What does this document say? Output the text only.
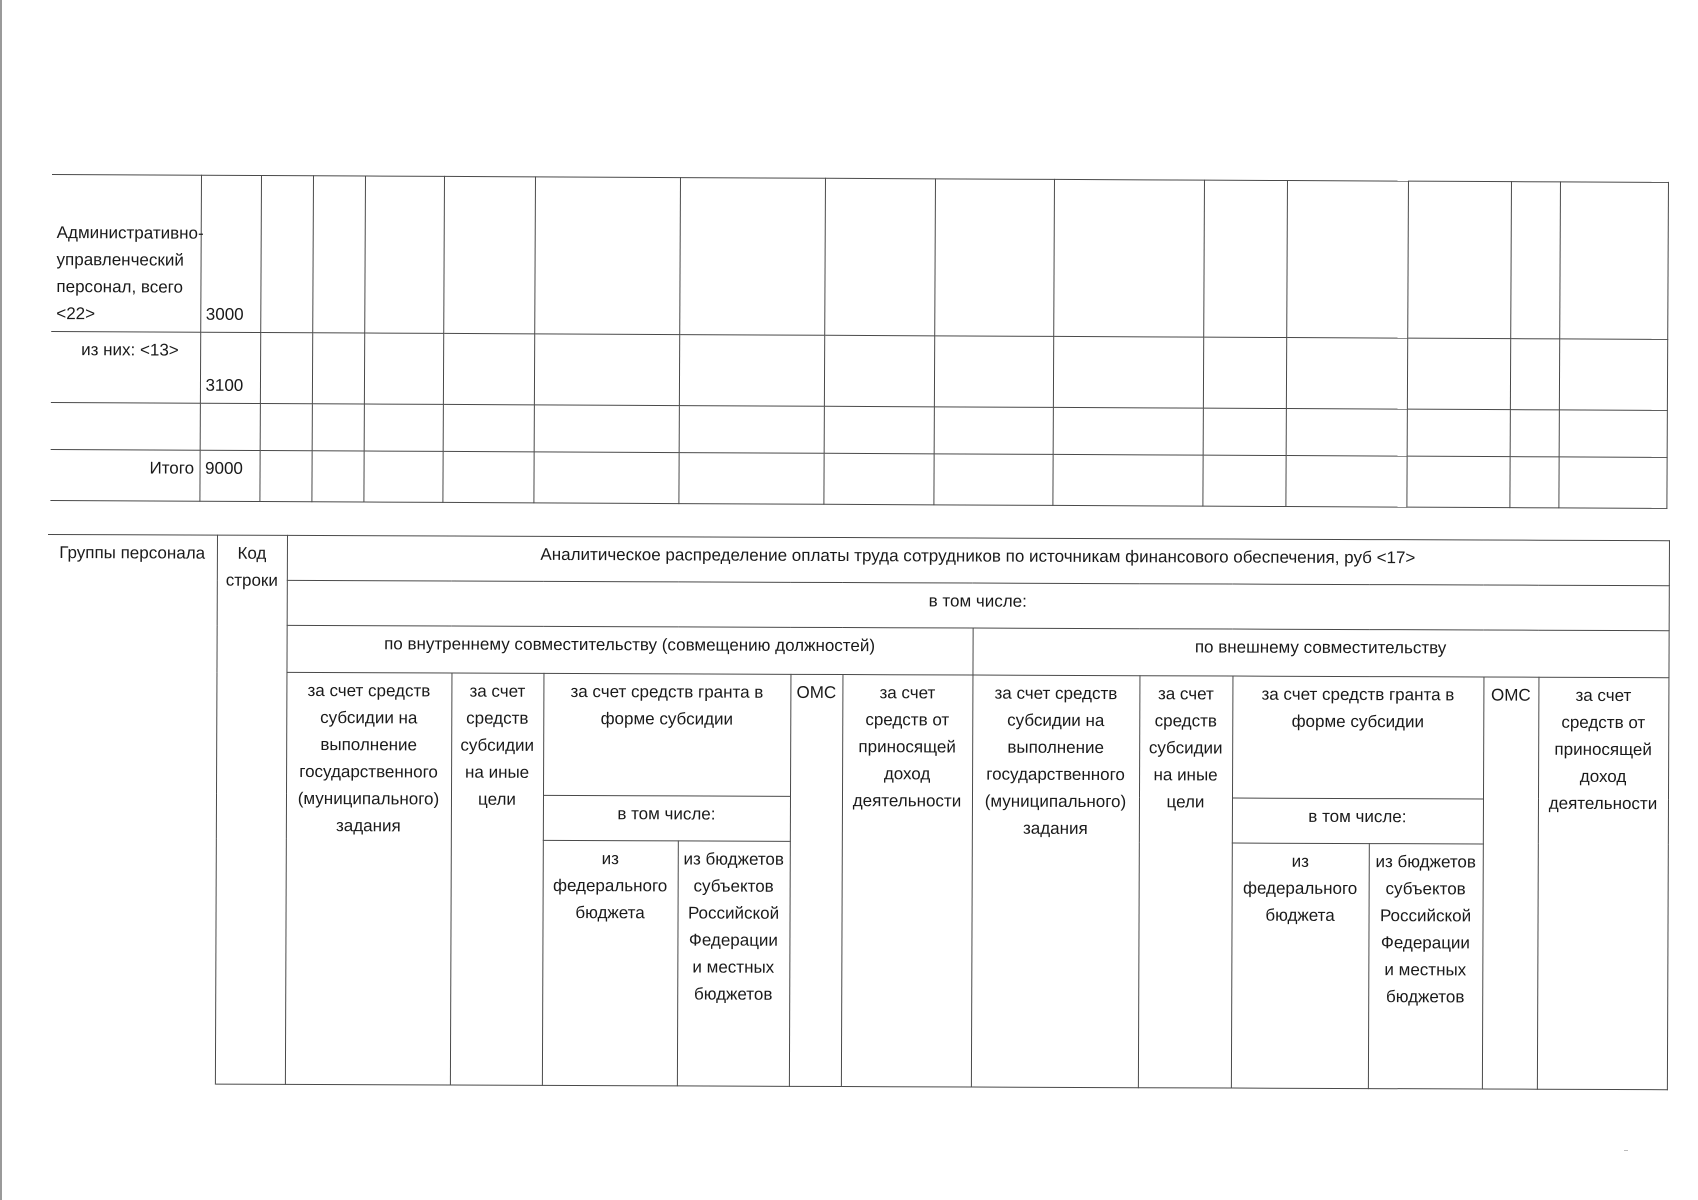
Административно-управленческий персонал, всего <22>	3000														
из них: <13>	3100														

Итого	9000														
Группы персонала	Код строки	Аналитическое распределение оплаты труда сотрудников по источникам финансового обеспечения, руб <17>											
		в том числе:											
		по внутреннему совместительству (совмещению должностей)						по внешнему совместительству					
		за счет средств субсидии на выполнение государственного (муниципального) задания	за счет средств субсидии на иные цели	за счет средств гранта в форме субсидии		ОМС	за счет средств от приносящей доход деятельности	за счет средств субсидии на выполнение государственного (муниципального) задания	за счет средств субсидии на иные цели	за счет средств гранта в форме субсидии		ОМС	за счет средств от приносящей доход деятельности
				в том числе:						в том числе:			
				из федерального бюджета	из бюджетов субъектов Российской Федерации и местных бюджетов					из федерального бюджета	из бюджетов субъектов Российской Федерации и местных бюджетов		
